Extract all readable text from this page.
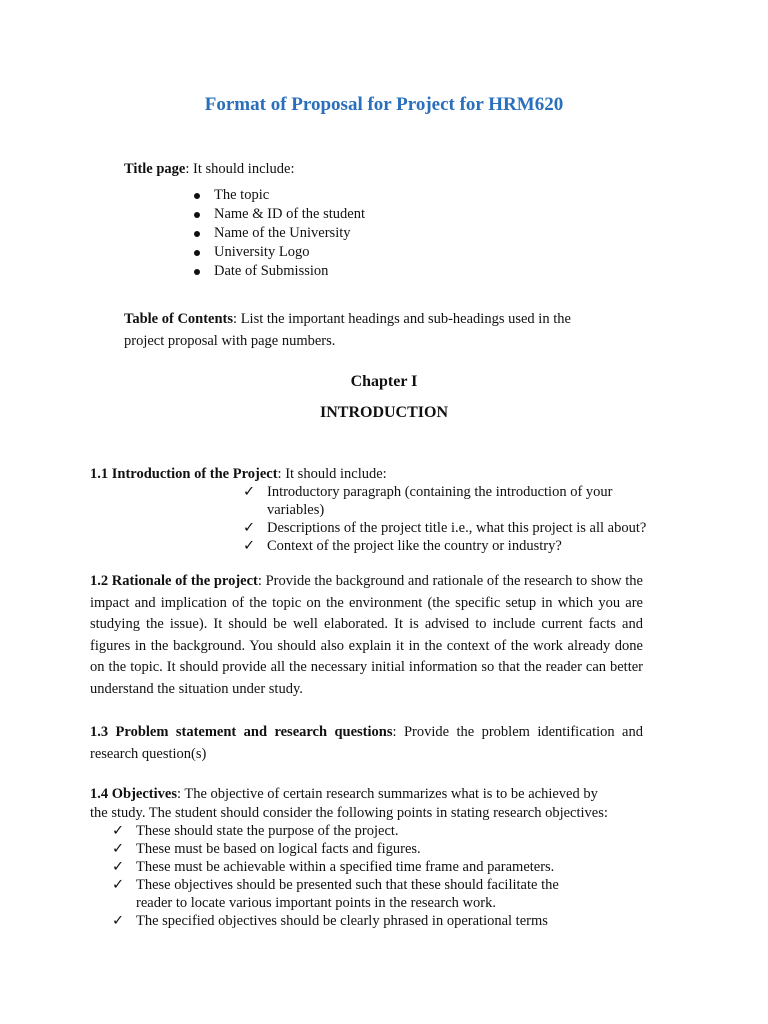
Format of Proposal for Project for HRM620
Title page: It should include:
The topic
Name & ID of the student
Name of the University
University Logo
Date of Submission
Table of Contents: List the important headings and sub-headings used in the
project proposal with page numbers.
Chapter I
INTRODUCTION
1.1 Introduction of the Project: It should include:
✓ Introductory paragraph (containing the introduction of your
variables)
✓ Descriptions of the project title i.e., what this project is all about?
✓ Context of the project like the country or industry?
1.2 Rationale of the project: Provide the background and rationale of the research to show the impact and implication of the topic on the environment (the specific setup in which you are studying the issue). It should be well elaborated. It is advised to include current facts and figures in the background. You should also explain it in the context of the work already done on the topic. It should provide all the necessary initial information so that the reader can better understand the situation under study.
1.3 Problem statement and research questions: Provide the problem identification and research question(s)
1.4 Objectives: The objective of certain research summarizes what is to be achieved by
the study. The student should consider the following points in stating research objectives:
✓ These should state the purpose of the project.
✓ These must be based on logical facts and figures.
✓ These must be achievable within a specified time frame and parameters.
✓ These objectives should be presented such that these should facilitate the
reader to locate various important points in the research work.
✓ The specified objectives should be clearly phrased in operational terms
